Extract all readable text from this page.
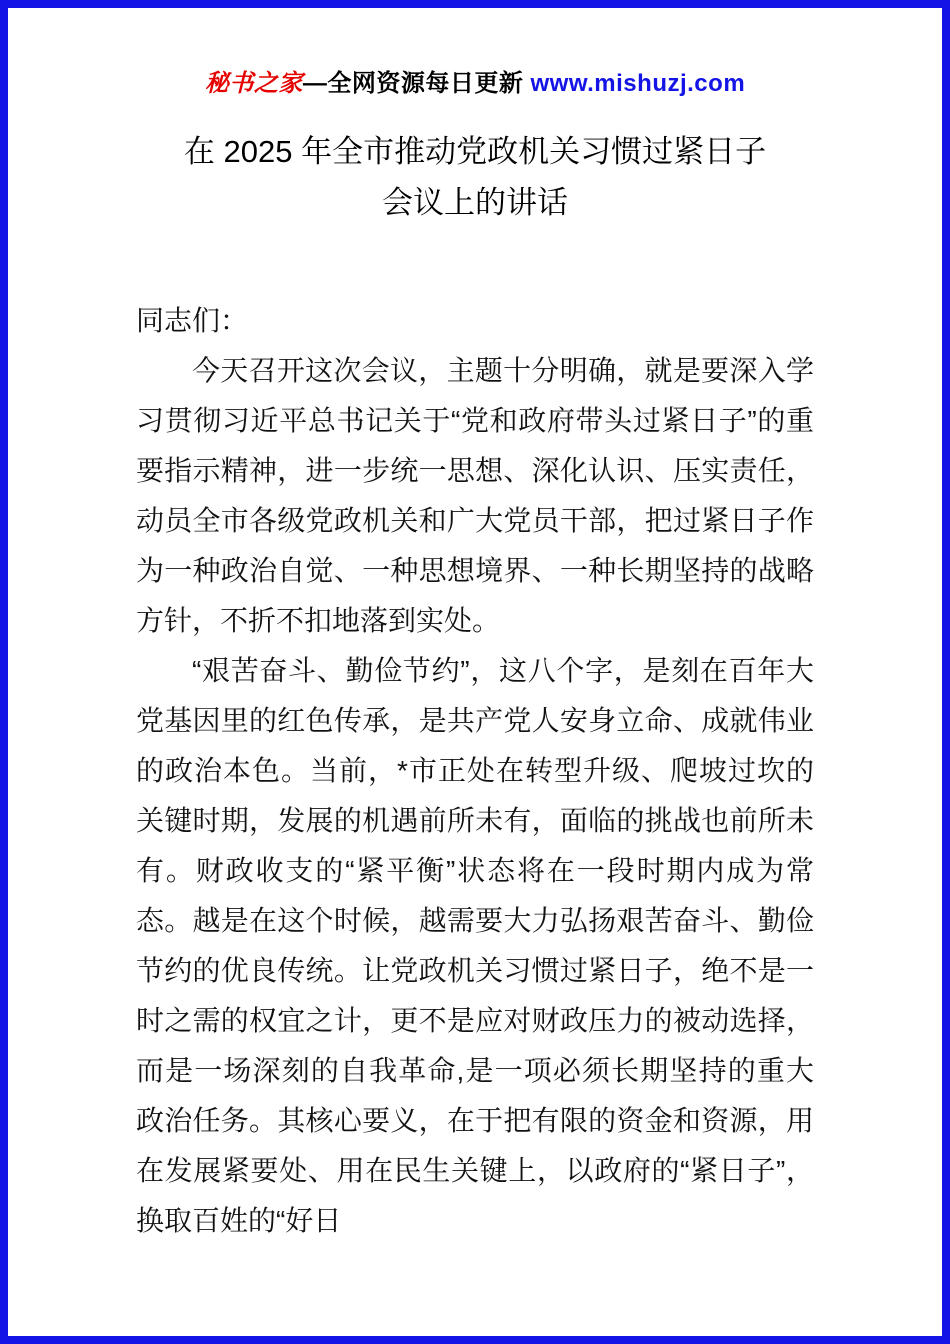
秘书之家—全网资源每日更新 www.mishuzj.com
在 2025 年全市推动党政机关习惯过紧日子
会议上的讲话

同志们：

今天召开这次会议，主题十分明确，就是要深入学习贯彻习近平总书记关于“党和政府带头过紧日子”的重要指示精神，进一步统一思想、深化认识、压实责任，动员全市各级党政机关和广大党员干部，把过紧日子作为一种政治自觉、一种思想境界、一种长期坚持的战略方针，不折不扣地落到实处。

“艰苦奋斗、勤俭节约”，这八个字，是刻在百年大党基因里的红色传承，是共产党人安身立命、成就伟业的政治本色。当前，*市正处在转型升级、爬坡过坎的关键时期，发展的机遇前所未有，面临的挑战也前所未有。财政收支的“紧平衡”状态将在一段时期内成为常态。越是在这个时候，越需要大力弘扬艰苦奋斗、勤俭节约的优良传统。让党政机关习惯过紧日子，绝不是一时之需的权宜之计，更不是应对财政压力的被动选择，而是一场深刻的自我革命,是一项必须长期坚持的重大政治任务。其核心要义，在于把有限的资金和资源，用在发展紧要处、用在民生关键上，以政府的“紧日子”，换取百姓的“好日
